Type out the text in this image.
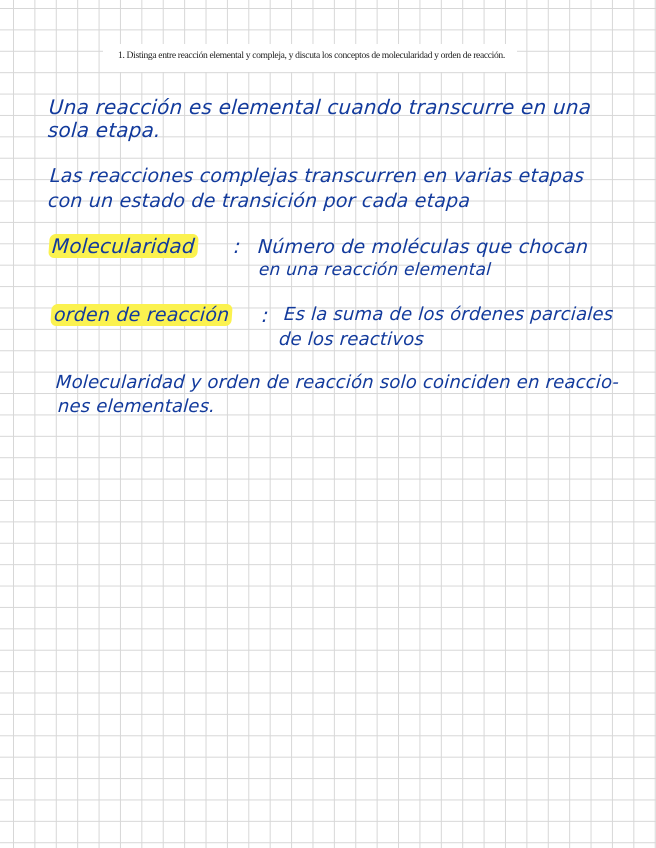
1. Distinga entre reacción elemental y compleja, y discuta los conceptos de molecularidad y orden de reacción.
Una reacción es elemental cuando transcurre en una
sola etapa.
Las reacciones complejas transcurren en varias etapas
con un estado de transición por cada etapa
Molecularidad : Número de moléculas que chocan
en una reacción elemental
orden de reacción : Es la suma de los órdenes parciales
de los reactivos
Molecularidad y orden de reacción solo coinciden en reaccio-
nes elementales.
